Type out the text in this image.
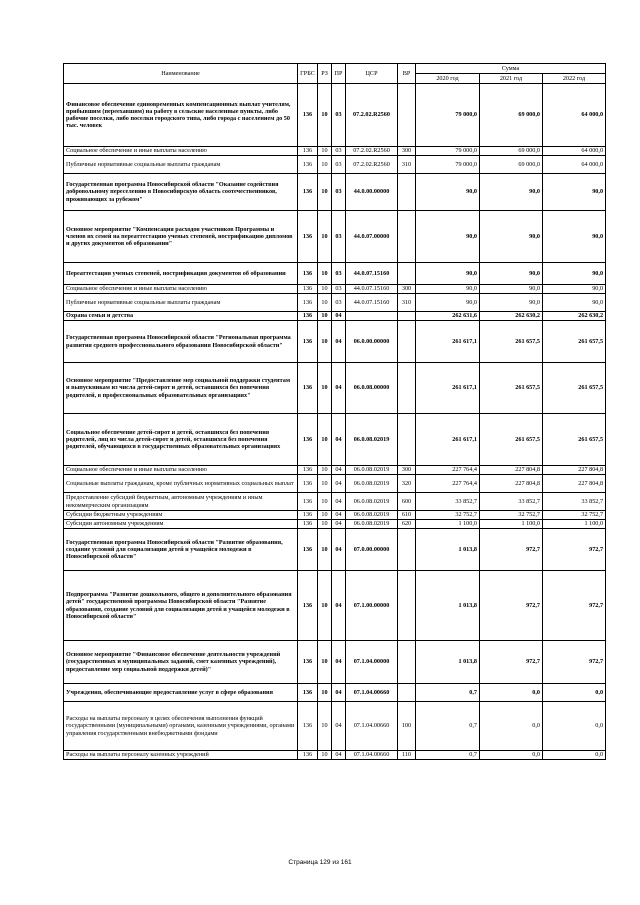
Наименование	ГРБС	РЗ	ПР	ЦСР	ВР	Сумма		
						2020 год	2021 год	2022 год
Финансовое обеспечение единовременных компенсационных выплат учителям, прибывшим (переехавшим) на работу в сельские населенные пункты, либо рабочие поселки, либо поселки городского типа, либо города с населением до 50 тыс. человек	136	10	03	07.2.02.R2560		79 000,0	69 000,0	64 000,0
Социальное обеспечение и иные выплаты населению	136	10	03	07.2.02.R2560	300	79 000,0	69 000,0	64 000,0
Публичные нормативные социальные выплаты гражданам	136	10	03	07.2.02.R2560	310	79 000,0	69 000,0	64 000,0
Государственная программа Новосибирской области "Оказание содействия добровольному переселению в Новосибирскую область соотечественников, проживающих за рубежом"	136	10	03	44.0.00.00000		90,0	90,0	90,0
Основное мероприятие "Компенсация расходов участников Программы и членов их семей на переаттестацию ученых степеней, нострификацию дипломов и других документов об образовании"	136	10	03	44.0.07.00000		90,0	90,0	90,0
Переаттестация ученых степеней, нострификация документов об образовании	136	10	03	44.0.07.15160		90,0	90,0	90,0
Социальное обеспечение и иные выплаты населению	136	10	03	44.0.07.15160	300	90,0	90,0	90,0
Публичные нормативные социальные выплаты гражданам	136	10	03	44.0.07.15160	310	90,0	90,0	90,0
Охрана семьи и детства	136	10	04			262 631,6	262 630,2	262 630,2
Государственная программа Новосибирской области "Региональная программа развития среднего профессионального образования Новосибирской области"	136	10	04	06.0.00.00000		261 617,1	261 657,5	261 657,5
Основное мероприятие "Предоставление мер социальной поддержки студентам и выпускникам из числа детей-сирот и детей, оставшихся без попечения родителей, в профессиональных образовательных организациях"	136	10	04	06.0.08.00000		261 617,1	261 657,5	261 657,5
Социальное обеспечение детей-сирот и детей, оставшихся без попечения родителей, лиц из числа детей-сирот и детей, оставшихся без попечения родителей, обучающихся в государственных образовательных организациях	136	10	04	06.0.08.02019		261 617,1	261 657,5	261 657,5
Социальное обеспечение и иные выплаты населению	136	10	04	06.0.08.02019	300	227 764,4	227 804,8	227 804,8
Социальные выплаты гражданам, кроме публичных нормативных социальных выплат	136	10	04	06.0.08.02019	320	227 764,4	227 804,8	227 804,8
Предоставление субсидий бюджетным, автономным учреждениям и иным некоммерческим организациям	136	10	04	06.0.08.02019	600	33 852,7	33 852,7	33 852,7
Субсидии бюджетным учреждениям	136	10	04	06.0.08.02019	610	32 752,7	32 752,7	32 752,7
Субсидии автономным учреждениям	136	10	04	06.0.08.02019	620	1 100,0	1 100,0	1 100,0
Государственная программа Новосибирской области "Развитие образования, создание условий для социализации детей и учащейся молодежи в Новосибирской области"	136	10	04	07.0.00.00000		1 013,8	972,7	972,7
Подпрограмма "Развитие дошкольного, общего и дополнительного образования детей" государственной программы Новосибирской области "Развитие образования, создание условий для социализации детей и учащейся молодежи в Новосибирской области"	136	10	04	07.1.00.00000		1 013,8	972,7	972,7
Основное мероприятие "Финансовое обеспечение деятельности учреждений (государственных и муниципальных заданий, смет казенных учреждений), предоставление мер социальной поддержки детей)"	136	10	04	07.1.04.00000		1 013,8	972,7	972,7
Учреждения, обеспечивающие предоставление услуг в сфере образования	136	10	04	07.1.04.00660		0,7	0,0	0,0
Расходы на выплаты персоналу в целях обеспечения выполнения функций государственными (муниципальными) органами, казенными учреждениями, органами управления государственными внебюджетными фондами	136	10	04	07.1.04.00660	100	0,7	0,0	0,0
Расходы на выплаты персоналу казенных учреждений	136	10	04	07.1.04.00660	110	0,7	0,0	0,0
Страница 129 из 161
